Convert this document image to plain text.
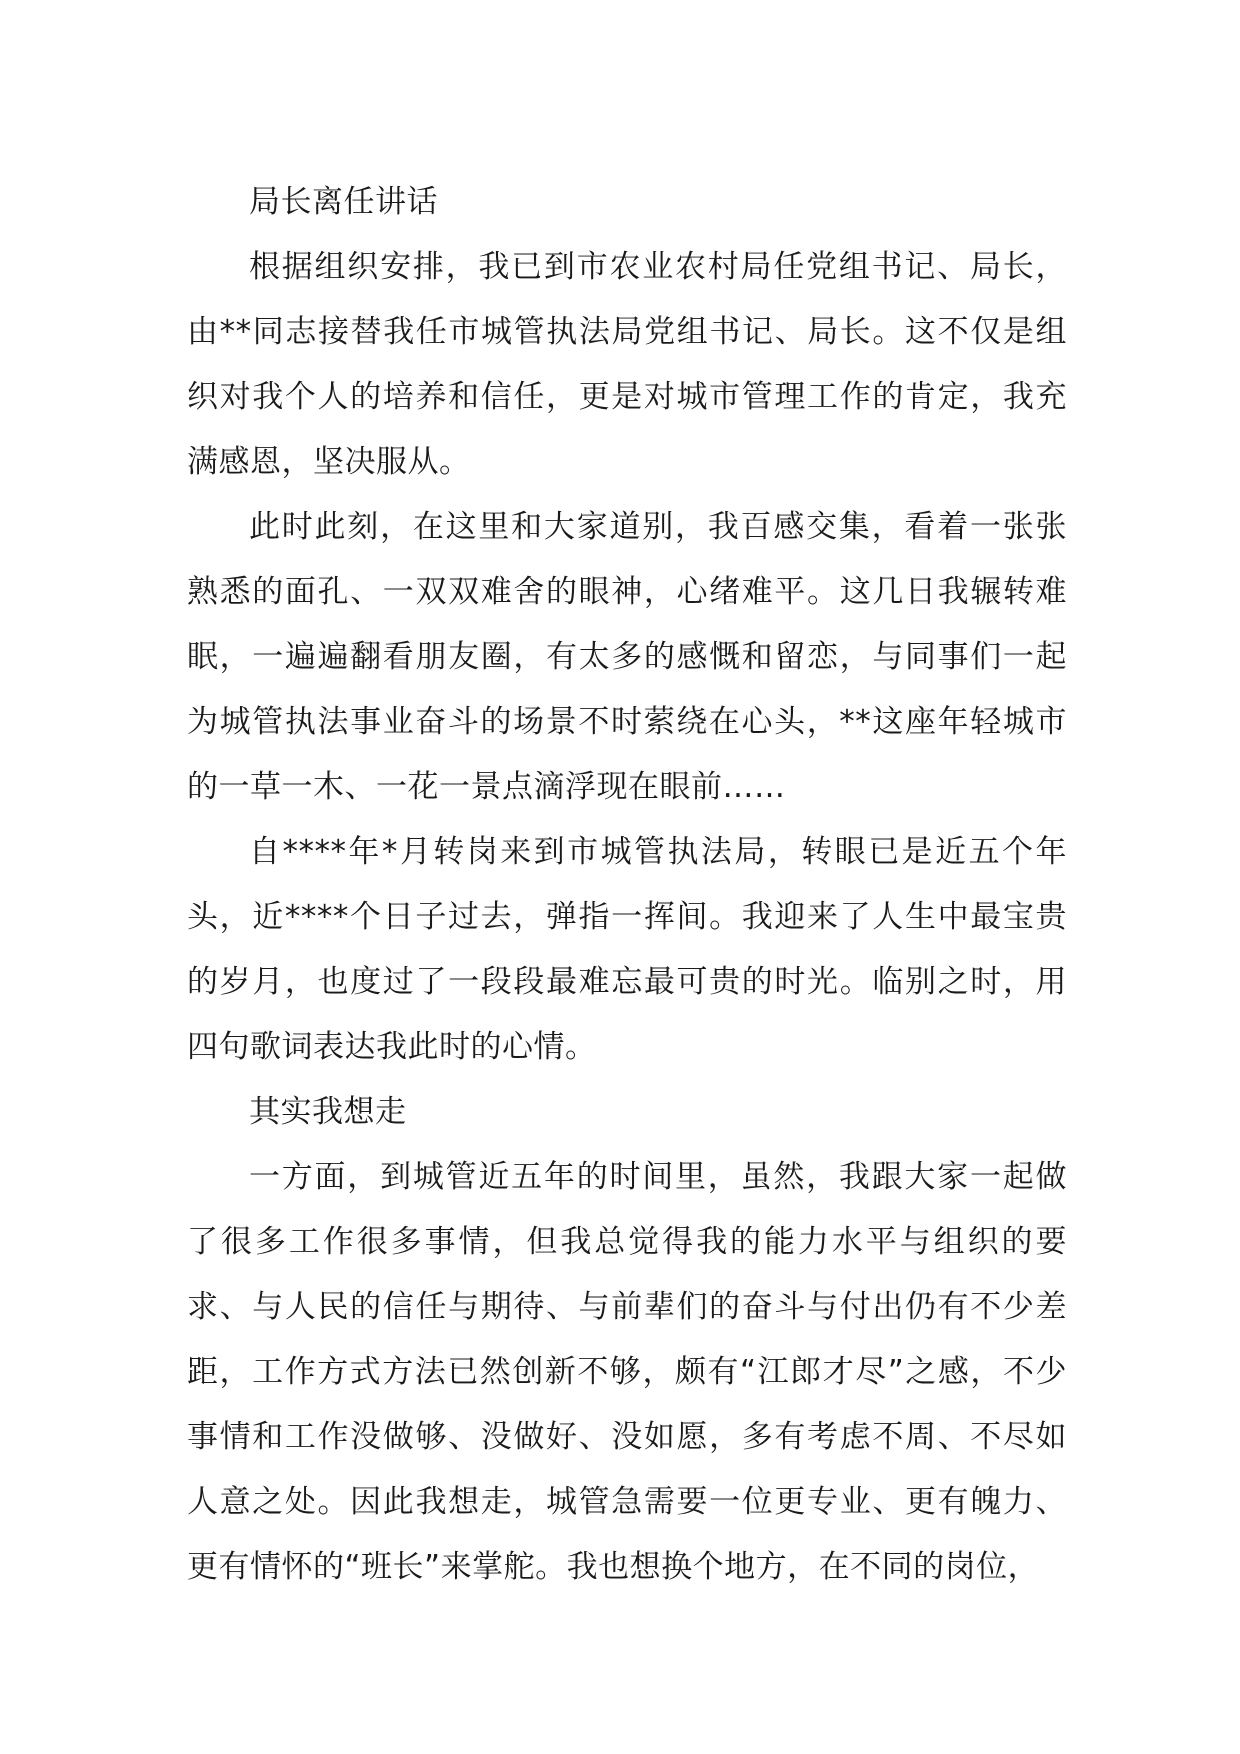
局长离任讲话

根据组织安排，我已到市农业农村局任党组书记、局长，由**同志接替我任市城管执法局党组书记、局长。这不仅是组织对我个人的培养和信任，更是对城市管理工作的肯定，我充满感恩，坚决服从。

此时此刻，在这里和大家道别，我百感交集，看着一张张熟悉的面孔、一双双难舍的眼神，心绪难平。这几日我辗转难眠，一遍遍翻看朋友圈，有太多的感慨和留恋，与同事们一起为城管执法事业奋斗的场景不时萦绕在心头，**这座年轻城市的一草一木、一花一景点滴浮现在眼前……

自****年*月转岗来到市城管执法局，转眼已是近五个年头，近****个日子过去，弹指一挥间。我迎来了人生中最宝贵的岁月，也度过了一段段最难忘最可贵的时光。临别之时，用四句歌词表达我此时的心情。

其实我想走

一方面，到城管近五年的时间里，虽然，我跟大家一起做了很多工作很多事情，但我总觉得我的能力水平与组织的要求、与人民的信任与期待、与前辈们的奋斗与付出仍有不少差距，工作方式方法已然创新不够，颇有“江郎才尽”之感，不少事情和工作没做够、没做好、没如愿，多有考虑不周、不尽如人意之处。因此我想走，城管急需要一位更专业、更有魄力、更有情怀的“班长”来掌舵。我也想换个地方，在不同的岗位，
